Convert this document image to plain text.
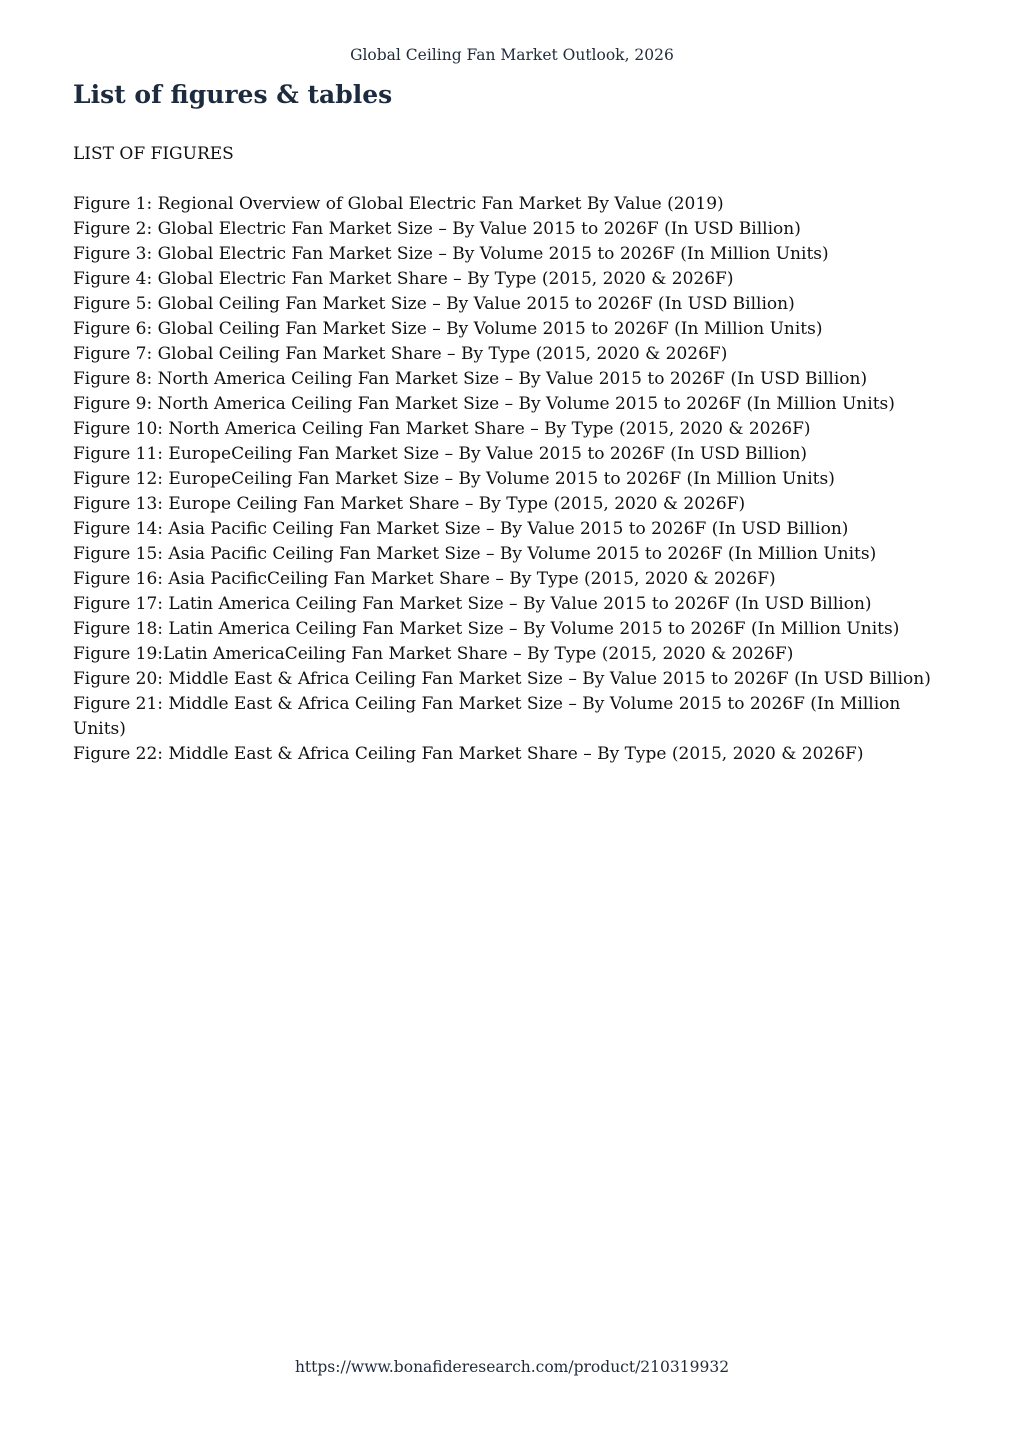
Global Ceiling Fan Market Outlook, 2026
List of figures & tables
LIST OF FIGURES
Figure 1: Regional Overview of Global Electric Fan Market By Value (2019)
Figure 2: Global Electric Fan Market Size – By Value 2015 to 2026F (In USD Billion)
Figure 3: Global Electric Fan Market Size – By Volume 2015 to 2026F (In Million Units)
Figure 4: Global Electric Fan Market Share – By Type (2015, 2020 & 2026F)
Figure 5: Global Ceiling Fan Market Size – By Value 2015 to 2026F (In USD Billion)
Figure 6: Global Ceiling Fan Market Size – By Volume 2015 to 2026F (In Million Units)
Figure 7: Global Ceiling Fan Market Share – By Type (2015, 2020 & 2026F)
Figure 8: North America Ceiling Fan Market Size – By Value 2015 to 2026F (In USD Billion)
Figure 9: North America Ceiling Fan Market Size – By Volume 2015 to 2026F (In Million Units)
Figure 10: North America Ceiling Fan Market Share – By Type (2015, 2020 & 2026F)
Figure 11: EuropeCeiling Fan Market Size – By Value 2015 to 2026F (In USD Billion)
Figure 12: EuropeCeiling Fan Market Size – By Volume 2015 to 2026F (In Million Units)
Figure 13: Europe Ceiling Fan Market Share – By Type (2015, 2020 & 2026F)
Figure 14: Asia Pacific Ceiling Fan Market Size – By Value 2015 to 2026F (In USD Billion)
Figure 15: Asia Pacific Ceiling Fan Market Size – By Volume 2015 to 2026F (In Million Units)
Figure 16: Asia PacificCeiling Fan Market Share – By Type (2015, 2020 & 2026F)
Figure 17: Latin America Ceiling Fan Market Size – By Value 2015 to 2026F (In USD Billion)
Figure 18: Latin America Ceiling Fan Market Size – By Volume 2015 to 2026F (In Million Units)
Figure 19:Latin AmericaCeiling Fan Market Share – By Type (2015, 2020 & 2026F)
Figure 20: Middle East & Africa Ceiling Fan Market Size – By Value 2015 to 2026F (In USD Billion)
Figure 21: Middle East & Africa Ceiling Fan Market Size – By Volume 2015 to 2026F (In Million Units)
Figure 22: Middle East & Africa Ceiling Fan Market Share – By Type (2015, 2020 & 2026F)
https://www.bonafideresearch.com/product/210319932
